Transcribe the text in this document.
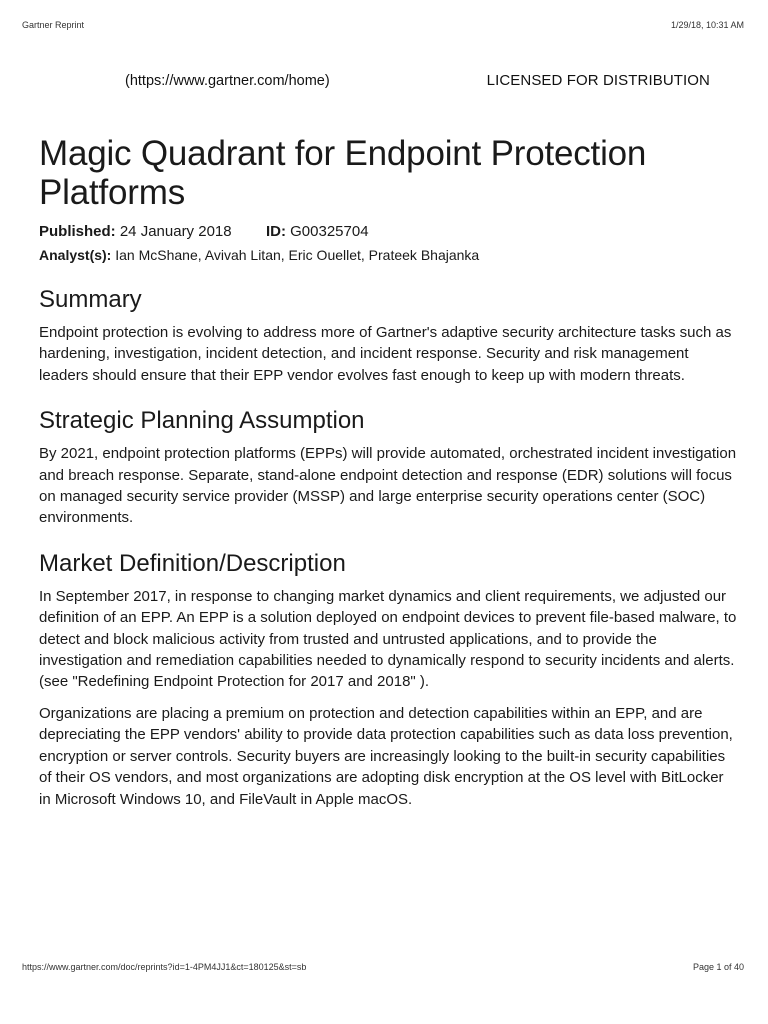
Gartner Reprint	1/29/18, 10:31 AM
(https://www.gartner.com/home)	LICENSED FOR DISTRIBUTION
Magic Quadrant for Endpoint Protection Platforms
Published: 24 January 2018 ID: G00325704
Analyst(s): Ian McShane, Avivah Litan, Eric Ouellet, Prateek Bhajanka
Summary

Endpoint protection is evolving to address more of Gartner's adaptive security architecture tasks such as hardening, investigation, incident detection, and incident response. Security and risk management leaders should ensure that their EPP vendor evolves fast enough to keep up with modern threats.

Strategic Planning Assumption

By 2021, endpoint protection platforms (EPPs) will provide automated, orchestrated incident investigation and breach response. Separate, stand-alone endpoint detection and response (EDR) solutions will focus on managed security service provider (MSSP) and large enterprise security operations center (SOC) environments.

Market Definition/Description

In September 2017, in response to changing market dynamics and client requirements, we adjusted our definition of an EPP. An EPP is a solution deployed on endpoint devices to prevent file-based malware, to detect and block malicious activity from trusted and untrusted applications, and to provide the investigation and remediation capabilities needed to dynamically respond to security incidents and alerts. (see "Redefining Endpoint Protection for 2017 and 2018" ).

Organizations are placing a premium on protection and detection capabilities within an EPP, and are depreciating the EPP vendors' ability to provide data protection capabilities such as data loss prevention, encryption or server controls. Security buyers are increasingly looking to the built-in security capabilities of their OS vendors, and most organizations are adopting disk encryption at the OS level with BitLocker in Microsoft Windows 10, and FileVault in Apple macOS.

https://www.gartner.com/doc/reprints?id=1-4PM4JJ1&ct=180125&st=sb	Page 1 of 40
